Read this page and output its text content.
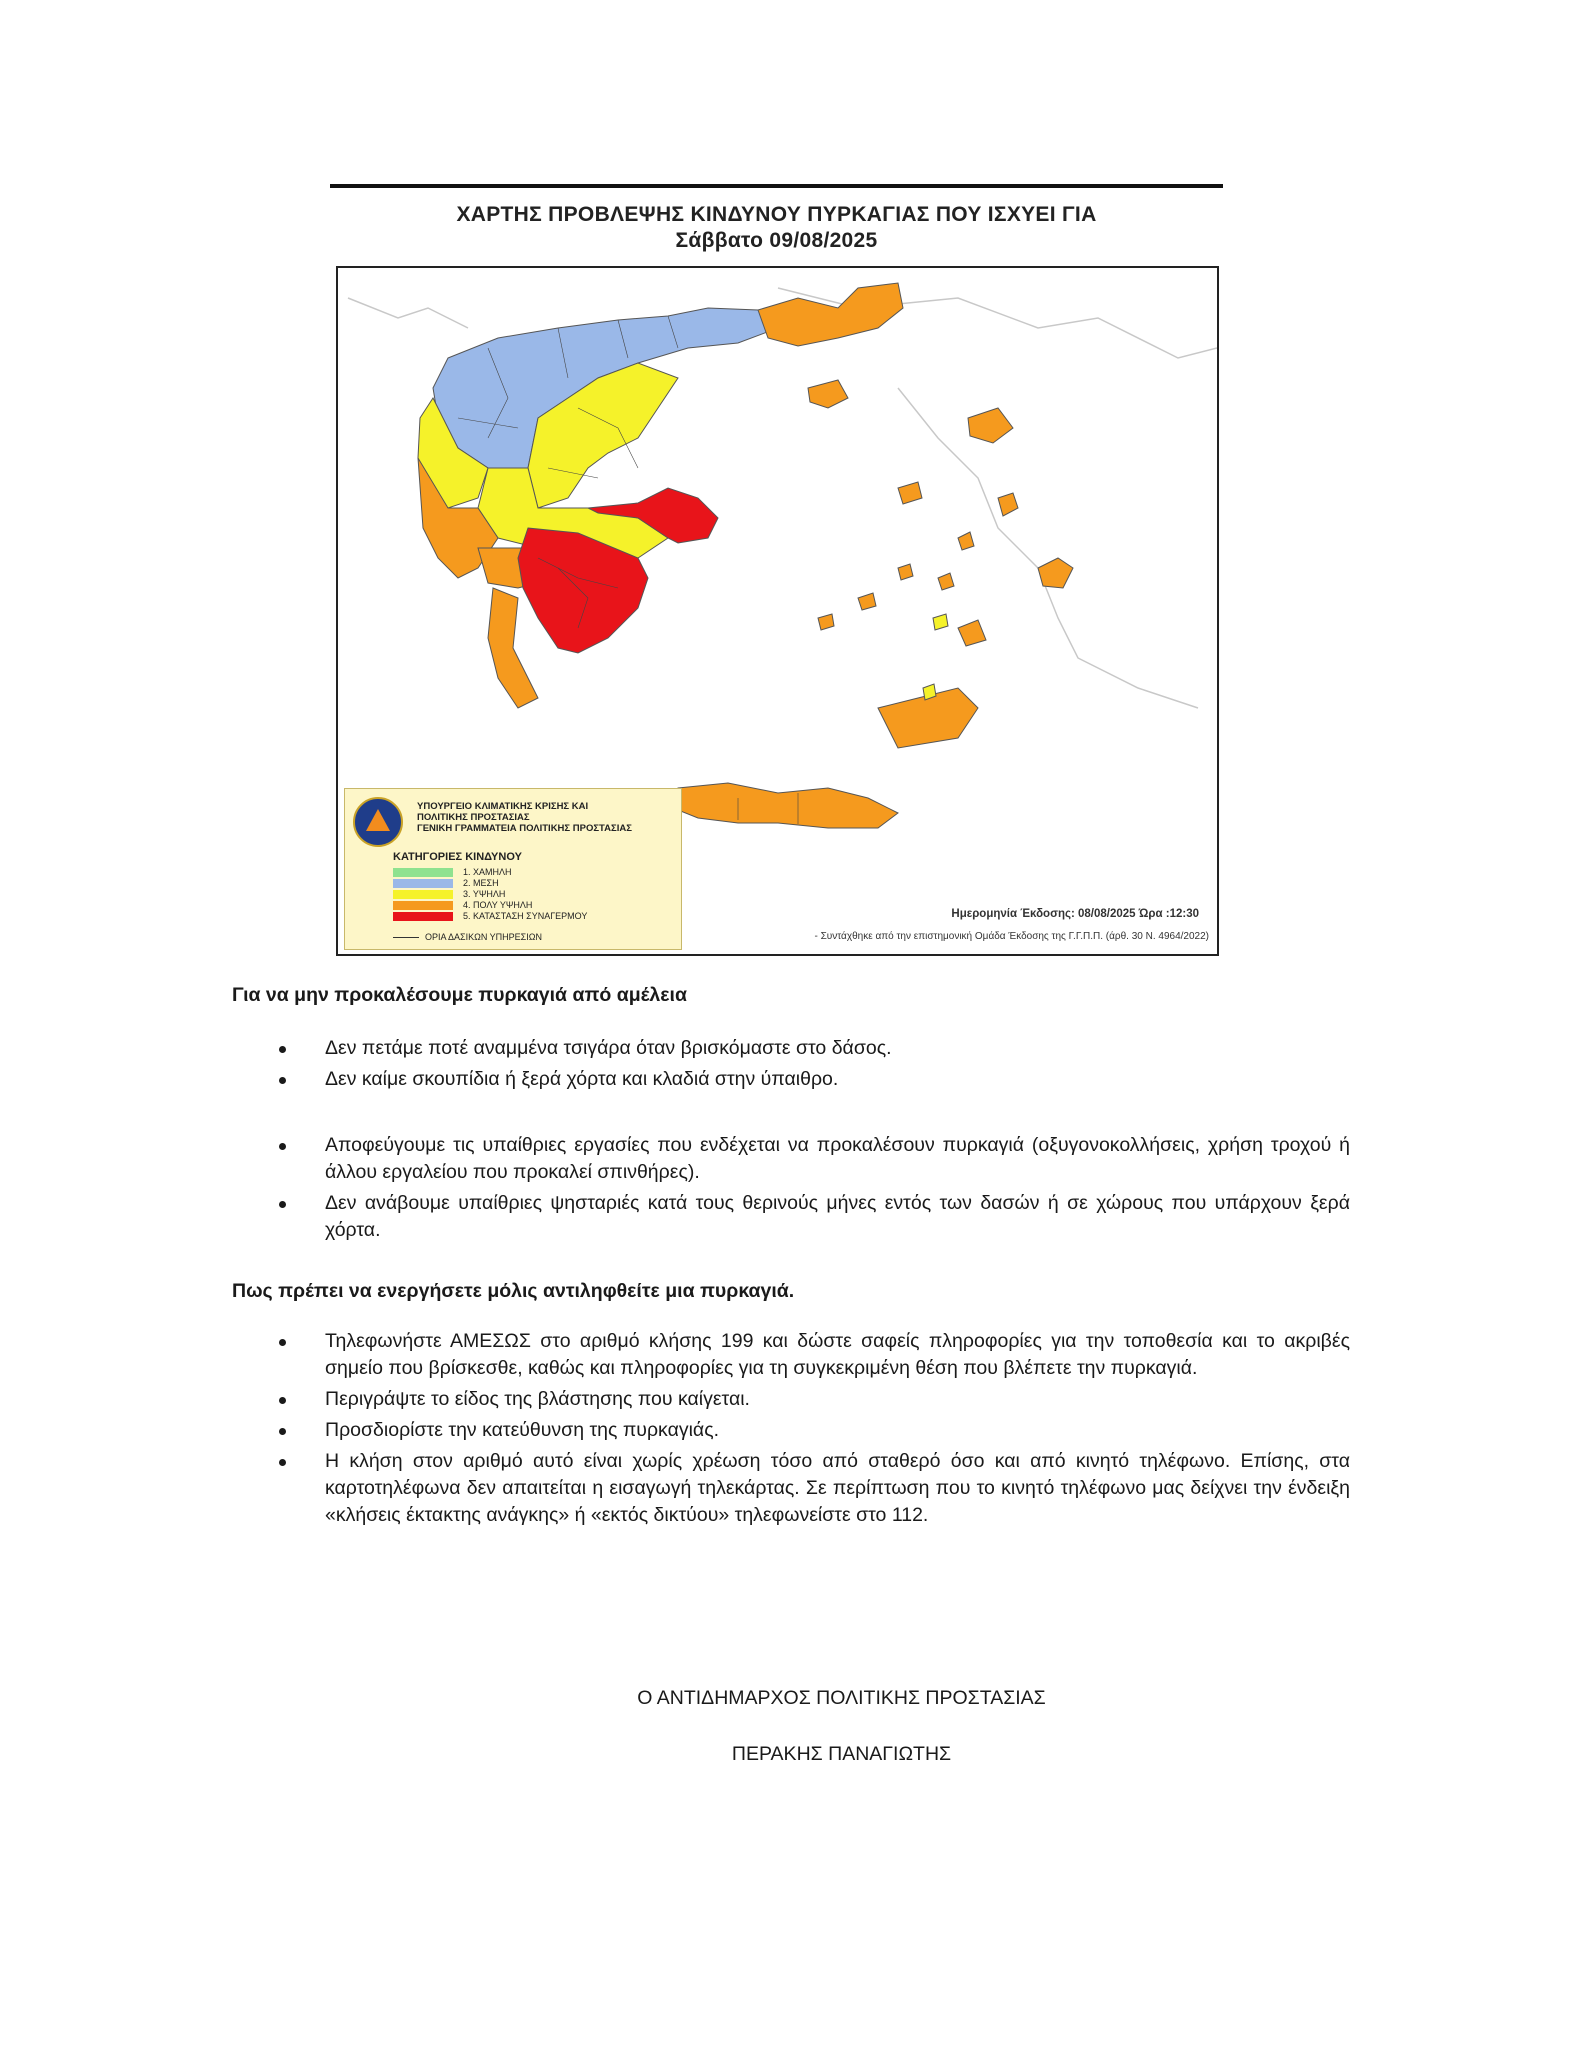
ΧΑΡΤΗΣ ΠΡΟΒΛΕΨΗΣ ΚΙΝΔΥΝΟΥ ΠΥΡΚΑΓΙΑΣ ΠΟΥ ΙΣΧΥΕΙ ΓΙΑ
Σάββατο 09/08/2025
Ημερομηνία Έκδοσης: 08/08/2025 Ώρα :12:30
- Συντάχθηκε από την επιστημονική Ομάδα Έκδοσης της Γ.Γ.Π.Π. (άρθ. 30 Ν. 4964/2022)
ΥΠΟΥΡΓΕΙΟ ΚΛΙΜΑΤΙΚΗΣ ΚΡΙΣΗΣ ΚΑΙ
ΠΟΛΙΤΙΚΗΣ ΠΡΟΣΤΑΣΙΑΣ
ΓΕΝΙΚΗ ΓΡΑΜΜΑΤΕΙΑ ΠΟΛΙΤΙΚΗΣ ΠΡΟΣΤΑΣΙΑΣ
ΚΑΤΗΓΟΡΙΕΣ ΚΙΝΔΥΝΟΥ
1. ΧΑΜΗΛΗ
2. ΜΕΣΗ
3. ΥΨΗΛΗ
4. ΠΟΛΥ ΥΨΗΛΗ
5. ΚΑΤΑΣΤΑΣΗ ΣΥΝΑΓΕΡΜΟΥ
ΟΡΙΑ ΔΑΣΙΚΩΝ ΥΠΗΡΕΣΙΩΝ
Για να μην προκαλέσουμε πυρκαγιά από αμέλεια
Δεν πετάμε ποτέ αναμμένα τσιγάρα όταν βρισκόμαστε στο δάσος.
Δεν καίμε σκουπίδια ή ξερά χόρτα και κλαδιά στην ύπαιθρο.
Αποφεύγουμε τις υπαίθριες εργασίες που ενδέχεται να προκαλέσουν πυρκαγιά (οξυγονοκολλήσεις, χρήση τροχού ή άλλου εργαλείου που προκαλεί σπινθήρες).
Δεν ανάβουμε υπαίθριες ψησταριές κατά τους θερινούς μήνες εντός των δασών ή σε χώρους που υπάρχουν ξερά χόρτα.
Πως πρέπει να ενεργήσετε μόλις αντιληφθείτε μια πυρκαγιά.
Τηλεφωνήστε ΑΜΕΣΩΣ στο αριθμό κλήσης 199 και δώστε σαφείς πληροφορίες για την τοποθεσία και το ακριβές σημείο που βρίσκεσθε, καθώς και πληροφορίες για τη συγκεκριμένη θέση που βλέπετε την πυρκαγιά.
Περιγράψτε το είδος της βλάστησης που καίγεται.
Προσδιορίστε την κατεύθυνση της πυρκαγιάς.
Η κλήση στον αριθμό αυτό είναι χωρίς χρέωση τόσο από σταθερό όσο και από κινητό τηλέφωνο. Επίσης, στα καρτοτηλέφωνα δεν απαιτείται η εισαγωγή τηλεκάρτας. Σε περίπτωση που το κινητό τηλέφωνο μας δείχνει την ένδειξη «κλήσεις έκτακτης ανάγκης» ή «εκτός δικτύου» τηλεφωνείστε στο 112.
Ο ΑΝΤΙΔΗΜΑΡΧΟΣ ΠΟΛΙΤΙΚΗΣ ΠΡΟΣΤΑΣΙΑΣ
ΠΕΡΑΚΗΣ ΠΑΝΑΓΙΩΤΗΣ
